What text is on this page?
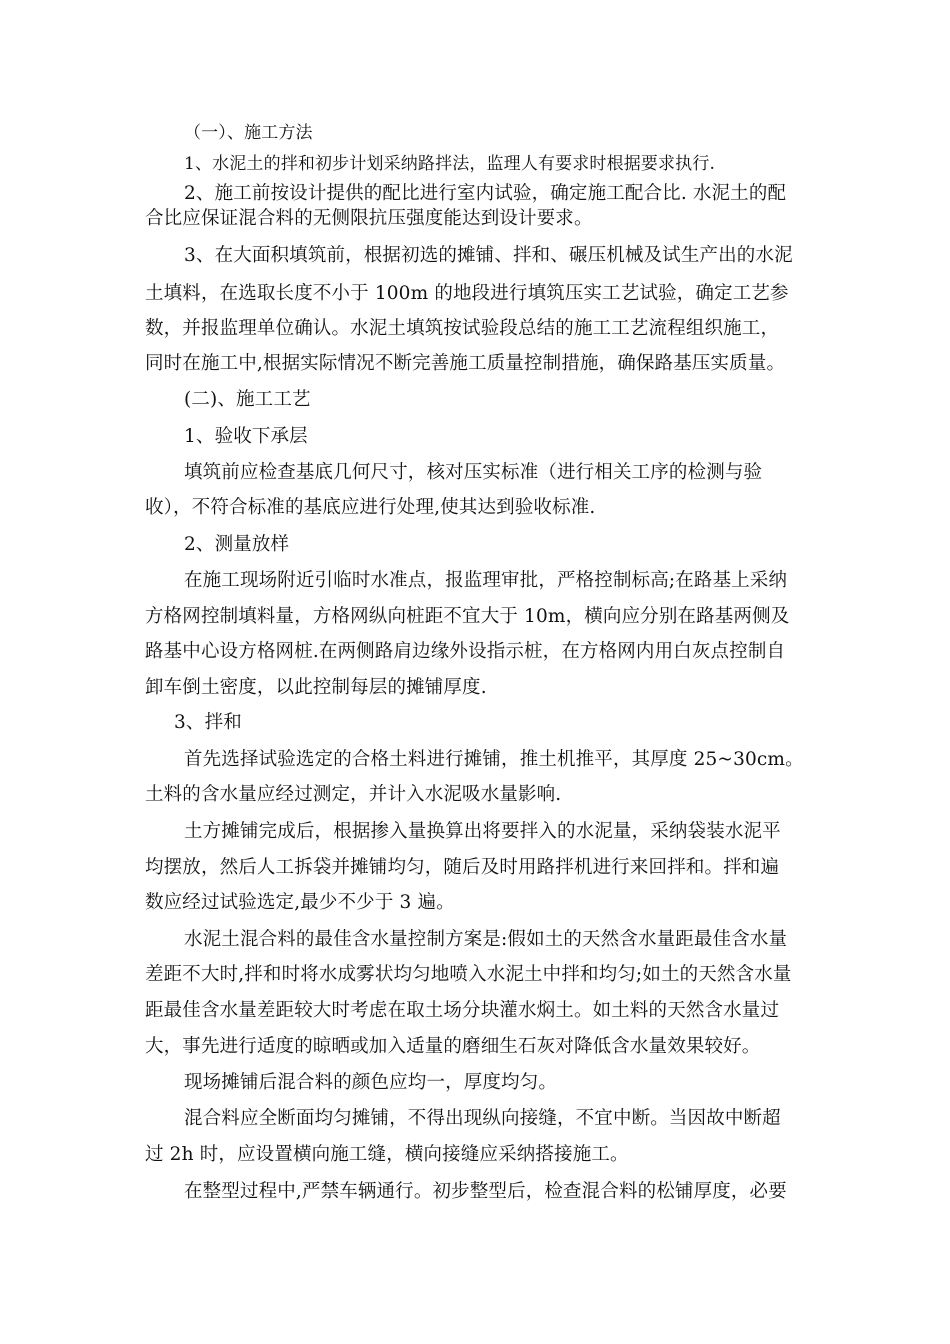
（一）、施工方法

1、水泥土的拌和初步计划采纳路拌法，监理人有要求时根据要求执行.

2、施工前按设计提供的配比进行室内试验，确定施工配合比. 水泥土的配

合比应保证混合料的无侧限抗压强度能达到设计要求。

3、在大面积填筑前，根据初选的摊铺、拌和、碾压机械及试生产出的水泥

土填料，在选取长度不小于 100m 的地段进行填筑压实工艺试验，确定工艺参

数，并报监理单位确认。水泥土填筑按试验段总结的施工工艺流程组织施工，

同时在施工中,根据实际情况不断完善施工质量控制措施，确保路基压实质量。

(二)、施工工艺

1、验收下承层

填筑前应检查基底几何尺寸，核对压实标准（进行相关工序的检测与验

收），不符合标准的基底应进行处理,使其达到验收标准.

2、测量放样

在施工现场附近引临时水准点，报监理审批，严格控制标高;在路基上采纳

方格网控制填料量，方格网纵向桩距不宜大于 10m，横向应分别在路基两侧及

路基中心设方格网桩.在两侧路肩边缘外设指示桩，在方格网内用白灰点控制自

卸车倒土密度，以此控制每层的摊铺厚度.

3、拌和

首先选择试验选定的合格土料进行摊铺，推土机推平，其厚度 25~30cm。

土料的含水量应经过测定，并计入水泥吸水量影响.

土方摊铺完成后，根据掺入量换算出将要拌入的水泥量，采纳袋装水泥平

均摆放，然后人工拆袋并摊铺均匀，随后及时用路拌机进行来回拌和。拌和遍

数应经过试验选定,最少不少于 3 遍。

水泥土混合料的最佳含水量控制方案是:假如土的天然含水量距最佳含水量

差距不大时,拌和时将水成雾状均匀地喷入水泥土中拌和均匀;如土的天然含水量

距最佳含水量差距较大时考虑在取土场分块灌水焖土。如土料的天然含水量过

大，事先进行适度的晾晒或加入适量的磨细生石灰对降低含水量效果较好。

现场摊铺后混合料的颜色应均一，厚度均匀。

混合料应全断面均匀摊铺，不得出现纵向接缝，不宜中断。当因故中断超

过 2h 时，应设置横向施工缝，横向接缝应采纳搭接施工。

在整型过程中,严禁车辆通行。初步整型后，检查混合料的松铺厚度，必要
